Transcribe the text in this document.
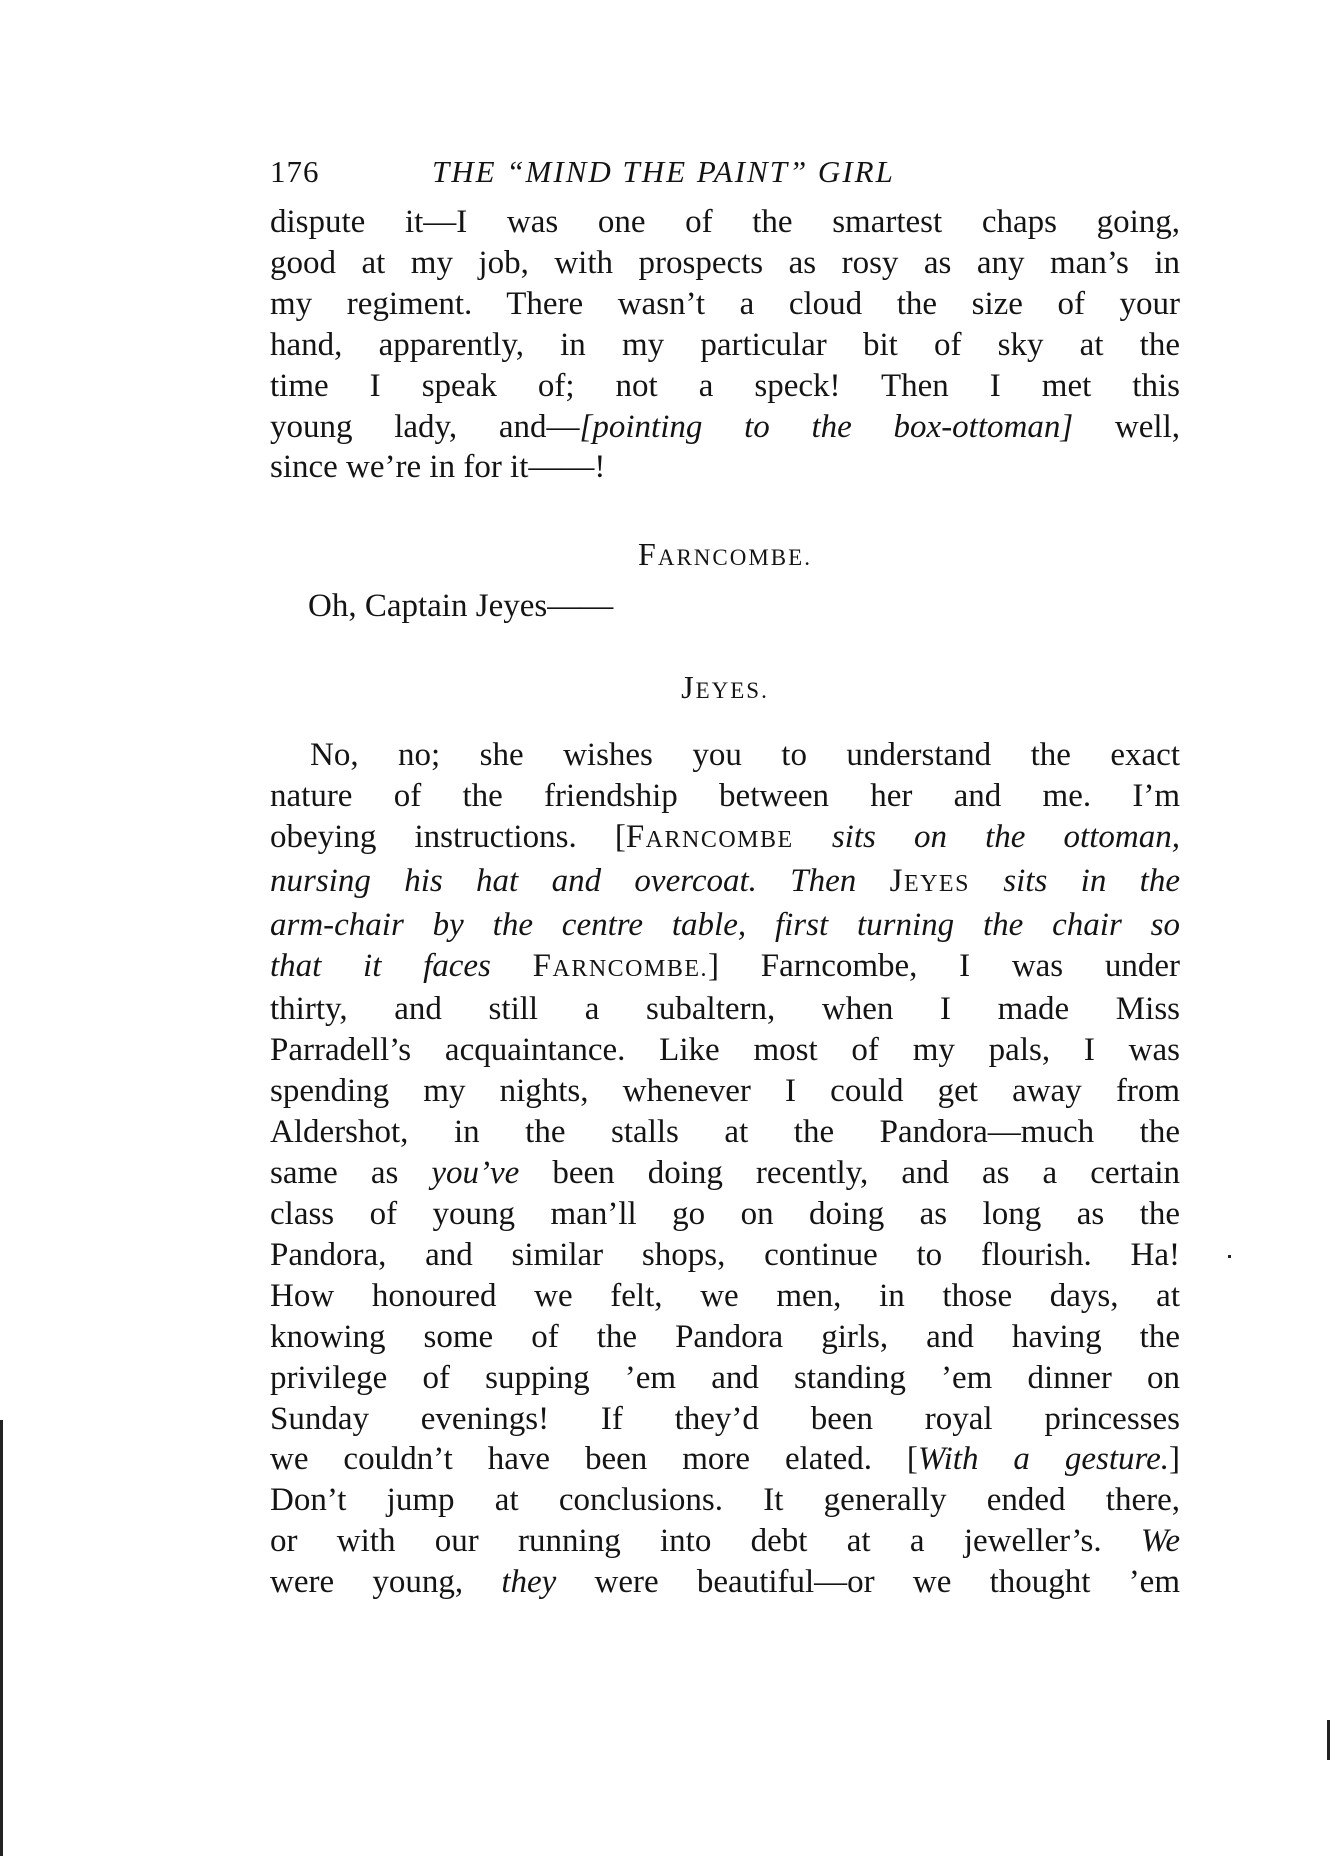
176	THE “MIND THE PAINT” GIRL
dispute it—I was one of the smartest chaps going,
good at my job, with prospects as rosy as any man’s in
my regiment. There wasn’t a cloud the size of your
hand, apparently, in my particular bit of sky at the
time I speak of; not a speck! Then I met this
young lady, and—[pointing to the box-ottoman] well,
since we’re in for it——!
FARNCOMBE.
Oh, Captain Jeyes——
JEYES.
No, no; she wishes you to understand the exact
nature of the friendship between her and me. I’m
obeying instructions. [FARNCOMBE sits on the ottoman,
nursing his hat and overcoat. Then JEYES sits in the
arm-chair by the centre table, first turning the chair so
that it faces FARNCOMBE.] Farncombe, I was under
thirty, and still a subaltern, when I made Miss
Parradell’s acquaintance. Like most of my pals, I was
spending my nights, whenever I could get away from
Aldershot, in the stalls at the Pandora—much the
same as you’ve been doing recently, and as a certain
class of young man’ll go on doing as long as the
Pandora, and similar shops, continue to flourish. Ha!
How honoured we felt, we men, in those days, at
knowing some of the Pandora girls, and having the
privilege of supping ’em and standing ’em dinner on
Sunday evenings! If they’d been royal princesses
we couldn’t have been more elated. [With a gesture.]
Don’t jump at conclusions. It generally ended there,
or with our running into debt at a jeweller’s. We
were young, they were beautiful—or we thought ’em
